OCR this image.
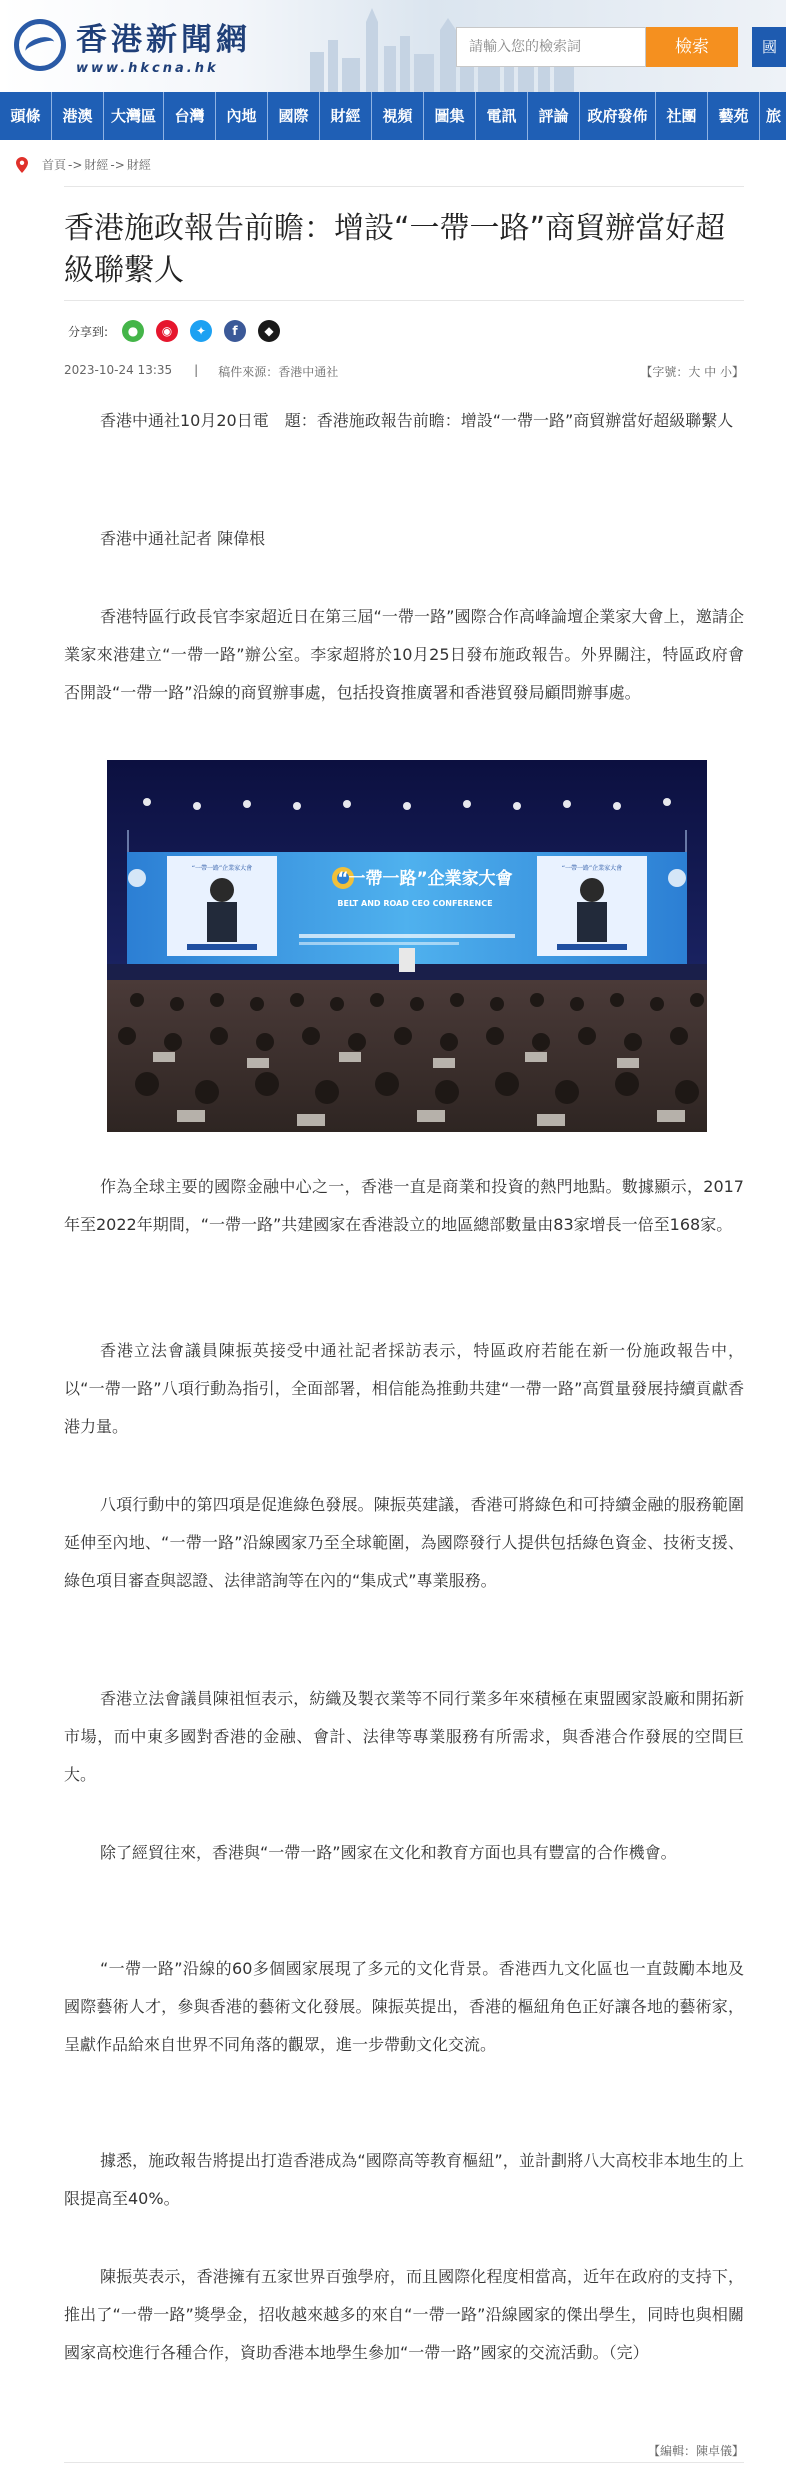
香港新聞網
www.hkcna.hk
請輸入您的檢索詞	檢索	國
頭條	港澳	大灣區	台灣	內地	國際	財經	視頻	圖集	電訊	評論	政府發佈	社團	藝苑	旅
首頁 -> 財經 -> 財經
香港施政報告前瞻：增設“一帶一路”商貿辦當好超級聯繫人
分享到:	●	◉	✦	f	◆
2023-10-24 13:35 | 稿件來源：香港中通社	【字號：大 中 小】
香港中通社10月20日電　題：香港施政報告前瞻：增設“一帶一路”商貿辦當好超級聯繫人
香港中通社記者 陳偉根
香港特區行政長官李家超近日在第三屆“一帶一路”國際合作高峰論壇企業家大會上，邀請企業家來港建立“一帶一路”辦公室。李家超將於10月25日發布施政報告。外界關注，特區政府會否開設“一帶一路”沿線的商貿辦事處，包括投資推廣署和香港貿發局顧問辦事處。
“一帶一路”企業家大會
BELT AND ROAD CEO CONFERENCE
“一帶一路”企業家大會	“一帶一路”企業家大會
作為全球主要的國際金融中心之一，香港一直是商業和投資的熱門地點。數據顯示，2017年至2022年期間，“一帶一路”共建國家在香港設立的地區總部數量由83家增長一倍至168家。
香港立法會議員陳振英接受中通社記者採訪表示，特區政府若能在新一份施政報告中，以“一帶一路”八項行動為指引，全面部署，相信能為推動共建“一帶一路”高質量發展持續貢獻香港力量。
八項行動中的第四項是促進綠色發展。陳振英建議，香港可將綠色和可持續金融的服務範圍延伸至內地、“一帶一路”沿線國家乃至全球範圍，為國際發行人提供包括綠色資金、技術支援、綠色項目審查與認證、法律諮詢等在內的“集成式”專業服務。
香港立法會議員陳祖恒表示，紡織及製衣業等不同行業多年來積極在東盟國家設廠和開拓新市場，而中東多國對香港的金融、會計、法律等專業服務有所需求，與香港合作發展的空間巨大。
除了經貿往來，香港與“一帶一路”國家在文化和教育方面也具有豐富的合作機會。
“一帶一路”沿線的60多個國家展現了多元的文化背景。香港西九文化區也一直鼓勵本地及國際藝術人才，參與香港的藝術文化發展。陳振英提出，香港的樞紐角色正好讓各地的藝術家，呈獻作品給來自世界不同角落的觀眾，進一步帶動文化交流。
據悉，施政報告將提出打造香港成為“國際高等教育樞紐”，並計劃將八大高校非本地生的上限提高至40%。
陳振英表示，香港擁有五家世界百強學府，而且國際化程度相當高，近年在政府的支持下，推出了“一帶一路”獎學金，招收越來越多的來自“一帶一路”沿線國家的傑出學生，同時也與相關國家高校進行各種合作，資助香港本地學生參加“一帶一路”國家的交流活動。（完）
【編輯：陳卓儀】
